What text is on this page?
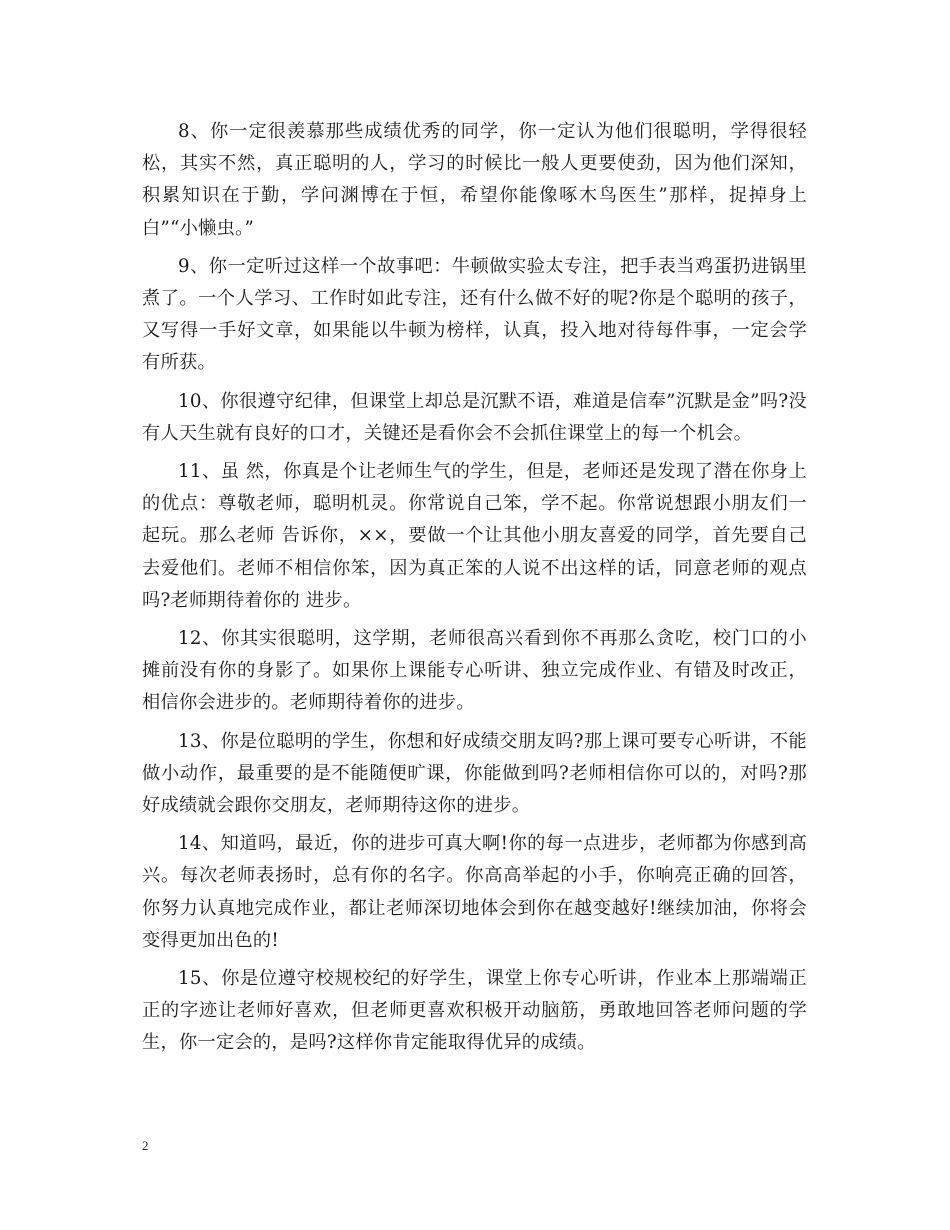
8、你一定很羡慕那些成绩优秀的同学，你一定认为他们很聪明，学得很轻松，其实不然，真正聪明的人，学习的时候比一般人更要使劲，因为他们深知，积累知识在于勤，学问渊博在于恒，希望你能像啄木鸟医生”那样，捉掉身上白”“小懒虫。”

9、你一定听过这样一个故事吧：牛顿做实验太专注，把手表当鸡蛋扔进锅里煮了。一个人学习、工作时如此专注，还有什么做不好的呢?你是个聪明的孩子，又写得一手好文章，如果能以牛顿为榜样，认真，投入地对待每件事，一定会学有所获。

10、你很遵守纪律，但课堂上却总是沉默不语，难道是信奉”沉默是金”吗?没有人天生就有良好的口才，关键还是看你会不会抓住课堂上的每一个机会。

11、虽 然，你真是个让老师生气的学生，但是，老师还是发现了潜在你身上的优点：尊敬老师，聪明机灵。你常说自己笨，学不起。你常说想跟小朋友们一起玩。那么老师 告诉你，××，要做一个让其他小朋友喜爱的同学，首先要自己去爱他们。老师不相信你笨，因为真正笨的人说不出这样的话，同意老师的观点吗?老师期待着你的 进步。

12、你其实很聪明，这学期，老师很高兴看到你不再那么贪吃，校门口的小摊前没有你的身影了。如果你上课能专心听讲、独立完成作业、有错及时改正，相信你会进步的。老师期待着你的进步。

13、你是位聪明的学生，你想和好成绩交朋友吗?那上课可要专心听讲，不能做小动作，最重要的是不能随便旷课，你能做到吗?老师相信你可以的，对吗?那好成绩就会跟你交朋友，老师期待这你的进步。

14、知道吗，最近，你的进步可真大啊!你的每一点进步，老师都为你感到高兴。每次老师表扬时，总有你的名字。你高高举起的小手，你响亮正确的回答，你努力认真地完成作业，都让老师深切地体会到你在越变越好!继续加油，你将会变得更加出色的!

15、你是位遵守校规校纪的好学生，课堂上你专心听讲，作业本上那端端正正的字迹让老师好喜欢，但老师更喜欢积极开动脑筋，勇敢地回答老师问题的学生，你一定会的，是吗?这样你肯定能取得优异的成绩。

2
